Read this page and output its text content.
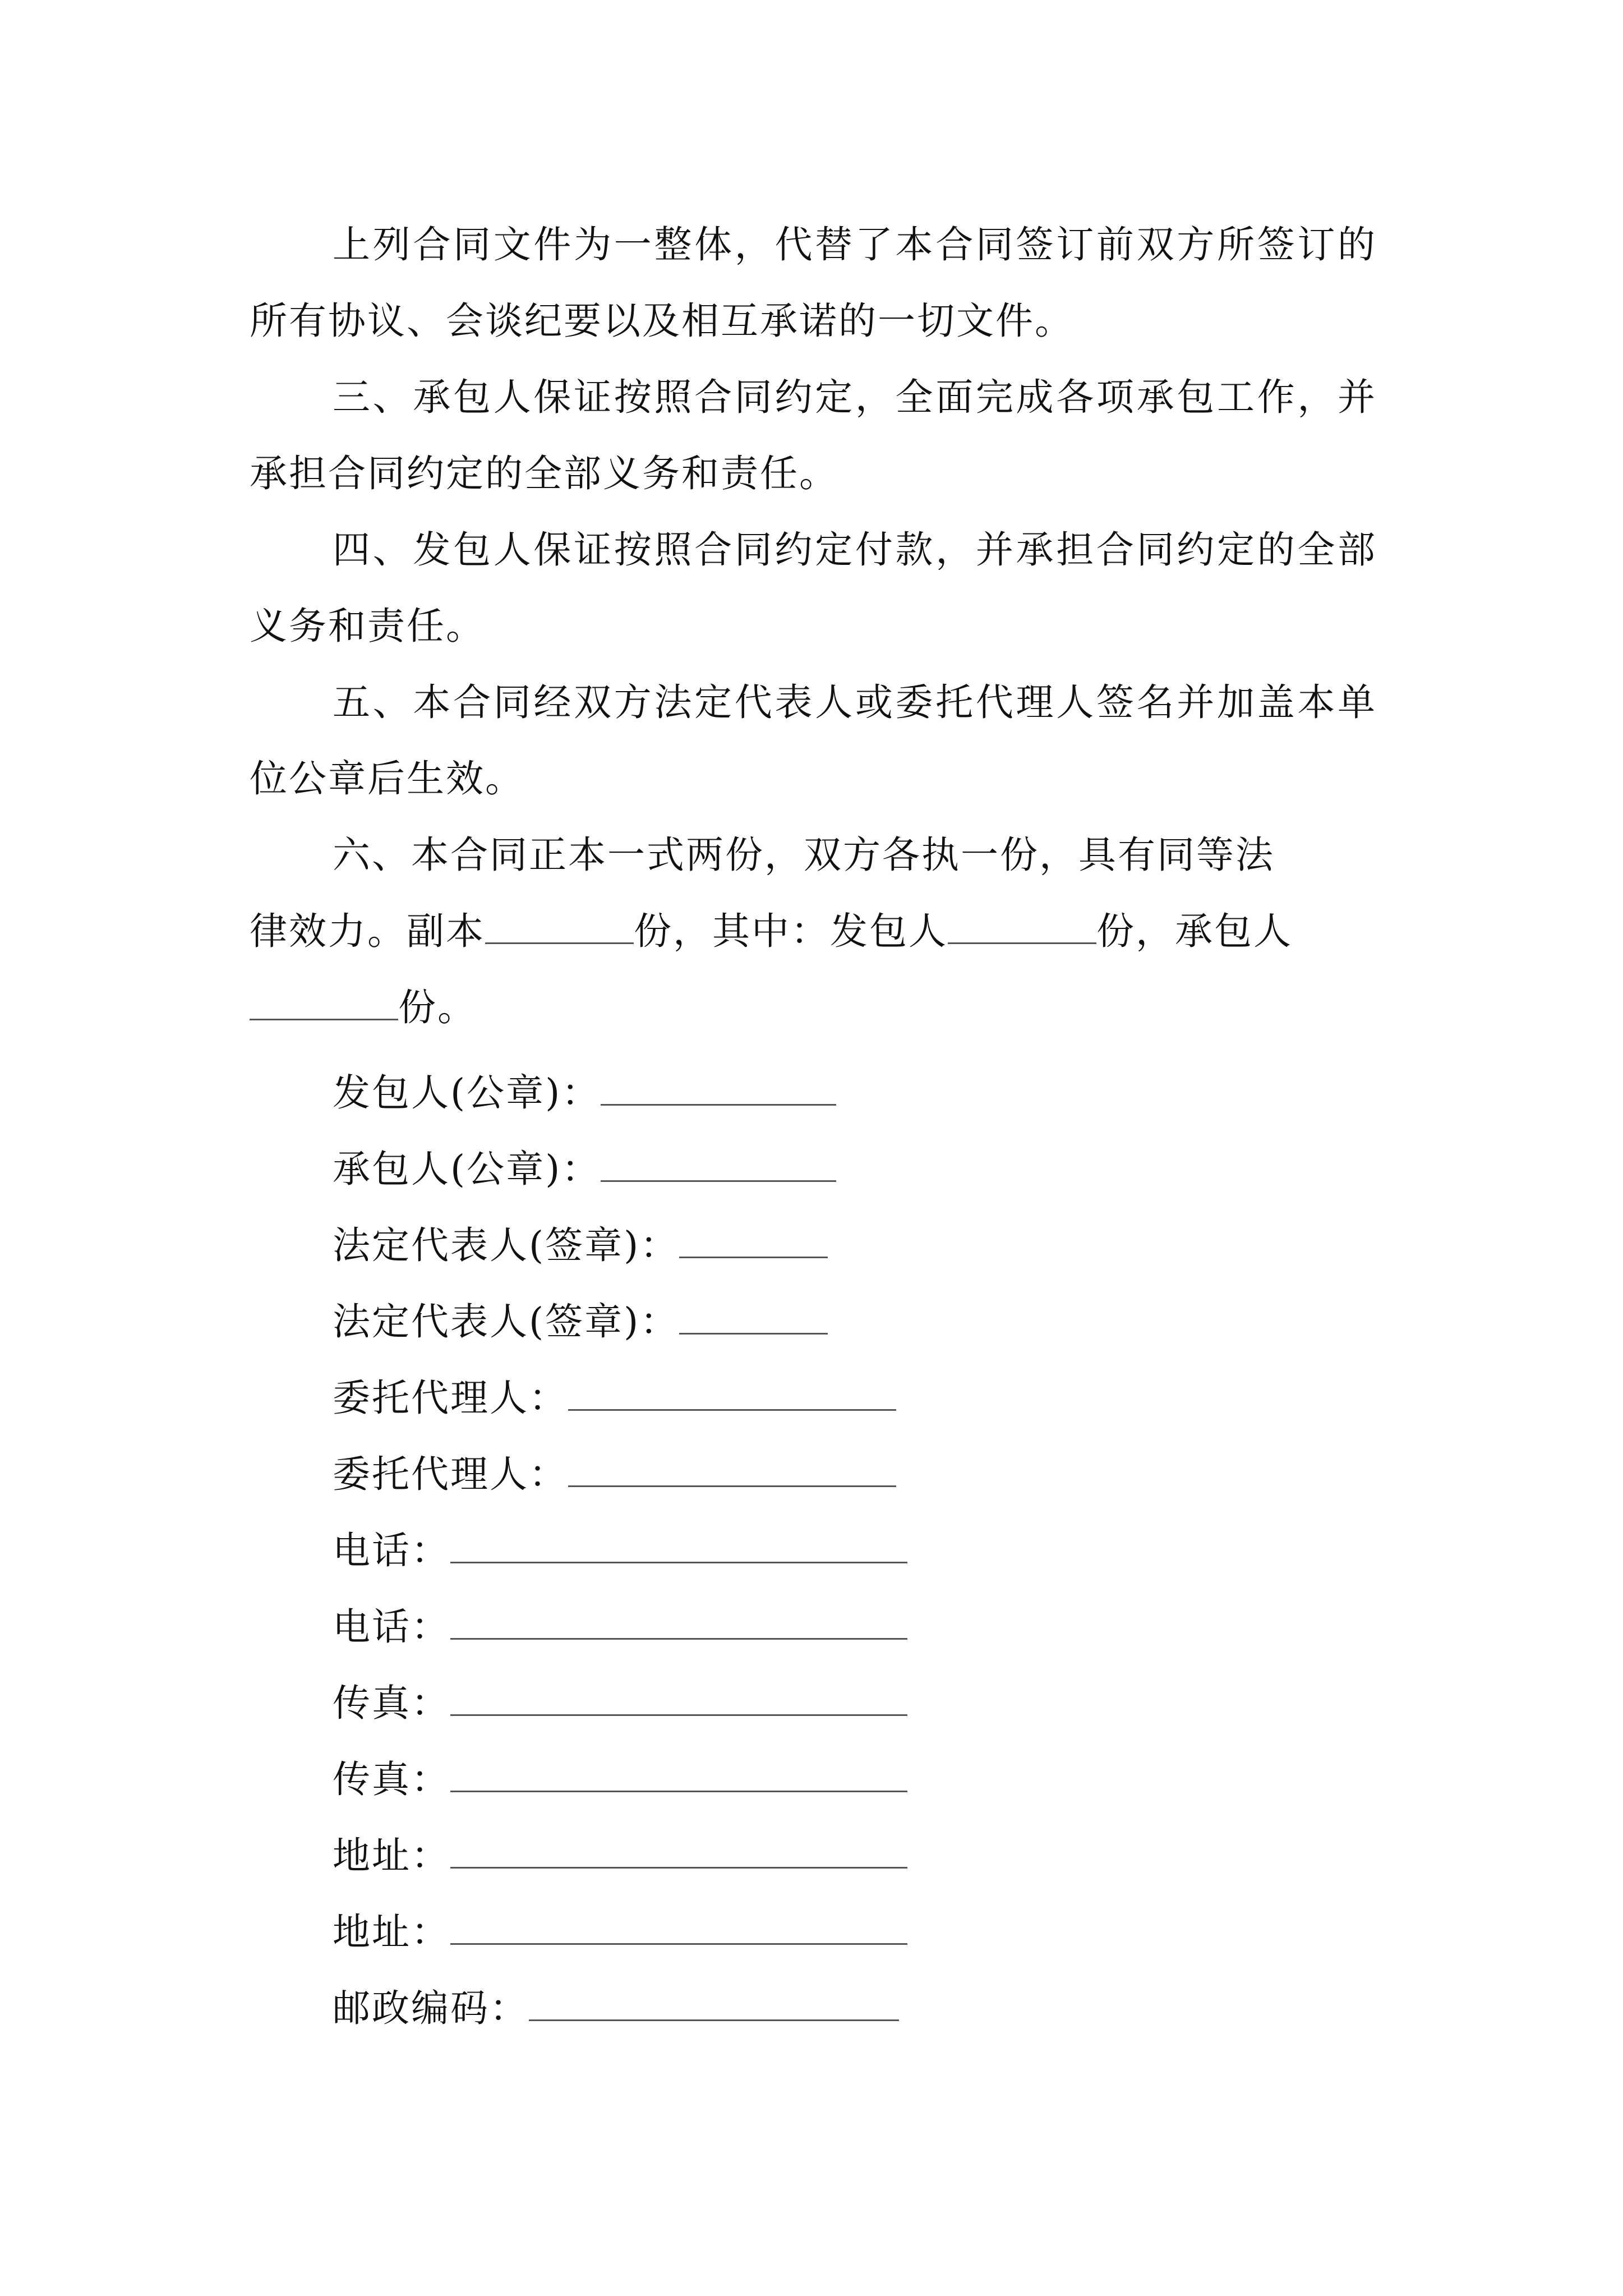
上列合同文件为一整体，代替了本合同签订前双方所签订的所有协议、会谈纪要以及相互承诺的一切文件。

三、承包人保证按照合同约定，全面完成各项承包工作，并承担合同约定的全部义务和责任。

四、发包人保证按照合同约定付款，并承担合同约定的全部义务和责任。

五、本合同经双方法定代表人或委托代理人签名并加盖本单位公章后生效。

六、本合同正本一式两份，双方各执一份，具有同等法

律效力。副本	份，其中：发包人	份，承包人

份。

发包人(公章)：
承包人(公章)：
法定代表人(签章)：
法定代表人(签章)：
委托代理人：
委托代理人：
电话：
电话：
传真：
传真：
地址：
地址：
邮政编码：
